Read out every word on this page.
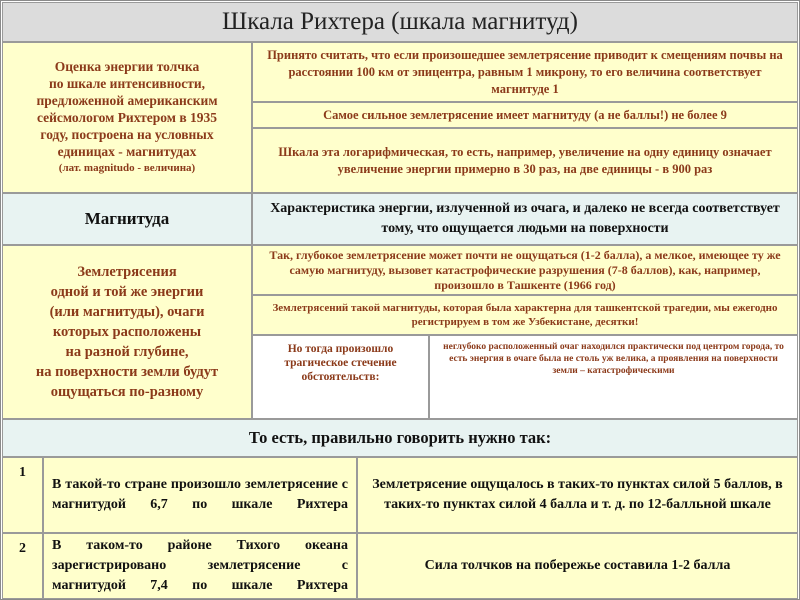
Шкала Рихтера (шкала магнитуд)
Оценка энергии толчка
по шкале интенсивности,
предложенной американским
сейсмологом Рихтером в 1935
году, построена на условных
единицах - магнитудах
(лат. magnitudo - величина)
Принято считать, что если произошедшее землетрясение приводит к смещениям почвы на расстоянии 100 км от эпицентра, равным 1 микрону, то его величина соответствует магнитуде 1
Самое сильное землетрясение имеет магнитуду (а не баллы!) не более 9
Шкала эта логарифмическая, то есть, например, увеличение на одну единицу означает увеличение энергии примерно в 30 раз, на две единицы - в 900 раз
Магнитуда
Характеристика энергии, излученной из очага, и далеко не всегда соответствует тому, что ощущается людьми на поверхности
Землетрясения
одной и той же энергии
(или магнитуды), очаги
которых расположены
на разной глубине,
на поверхности земли будут
ощущаться по-разному
Так, глубокое землетрясение может почти не ощущаться (1-2 балла), а мелкое, имеющее ту же самую магнитуду, вызовет катастрофические разрушения (7-8 баллов), как, например, произошло в Ташкенте (1966 год)
Землетрясений такой магнитуды, которая была характерна для ташкентской трагедии, мы ежегодно регистрируем в том же Узбекистане, десятки!
Но тогда произошло трагическое стечение обстоятельств:
неглубоко расположенный очаг находился практически под центром города, то есть энергия в очаге была не столь уж велика, а проявления на поверхности земли – катастрофическими
То есть, правильно говорить нужно так:
1
В такой-то стране произошло землетрясение с магнитудой 6,7 по шкале Рихтера
Землетрясение ощущалось в таких-то пунктах силой 5 баллов, в таких-то пунктах силой 4 балла и т. д. по 12-балльной шкале
2	В таком-то районе Тихого океана зарегистрировано землетрясение с магнитудой 7,4 по шкале Рихтера
Сила толчков на побережье составила 1-2 балла
